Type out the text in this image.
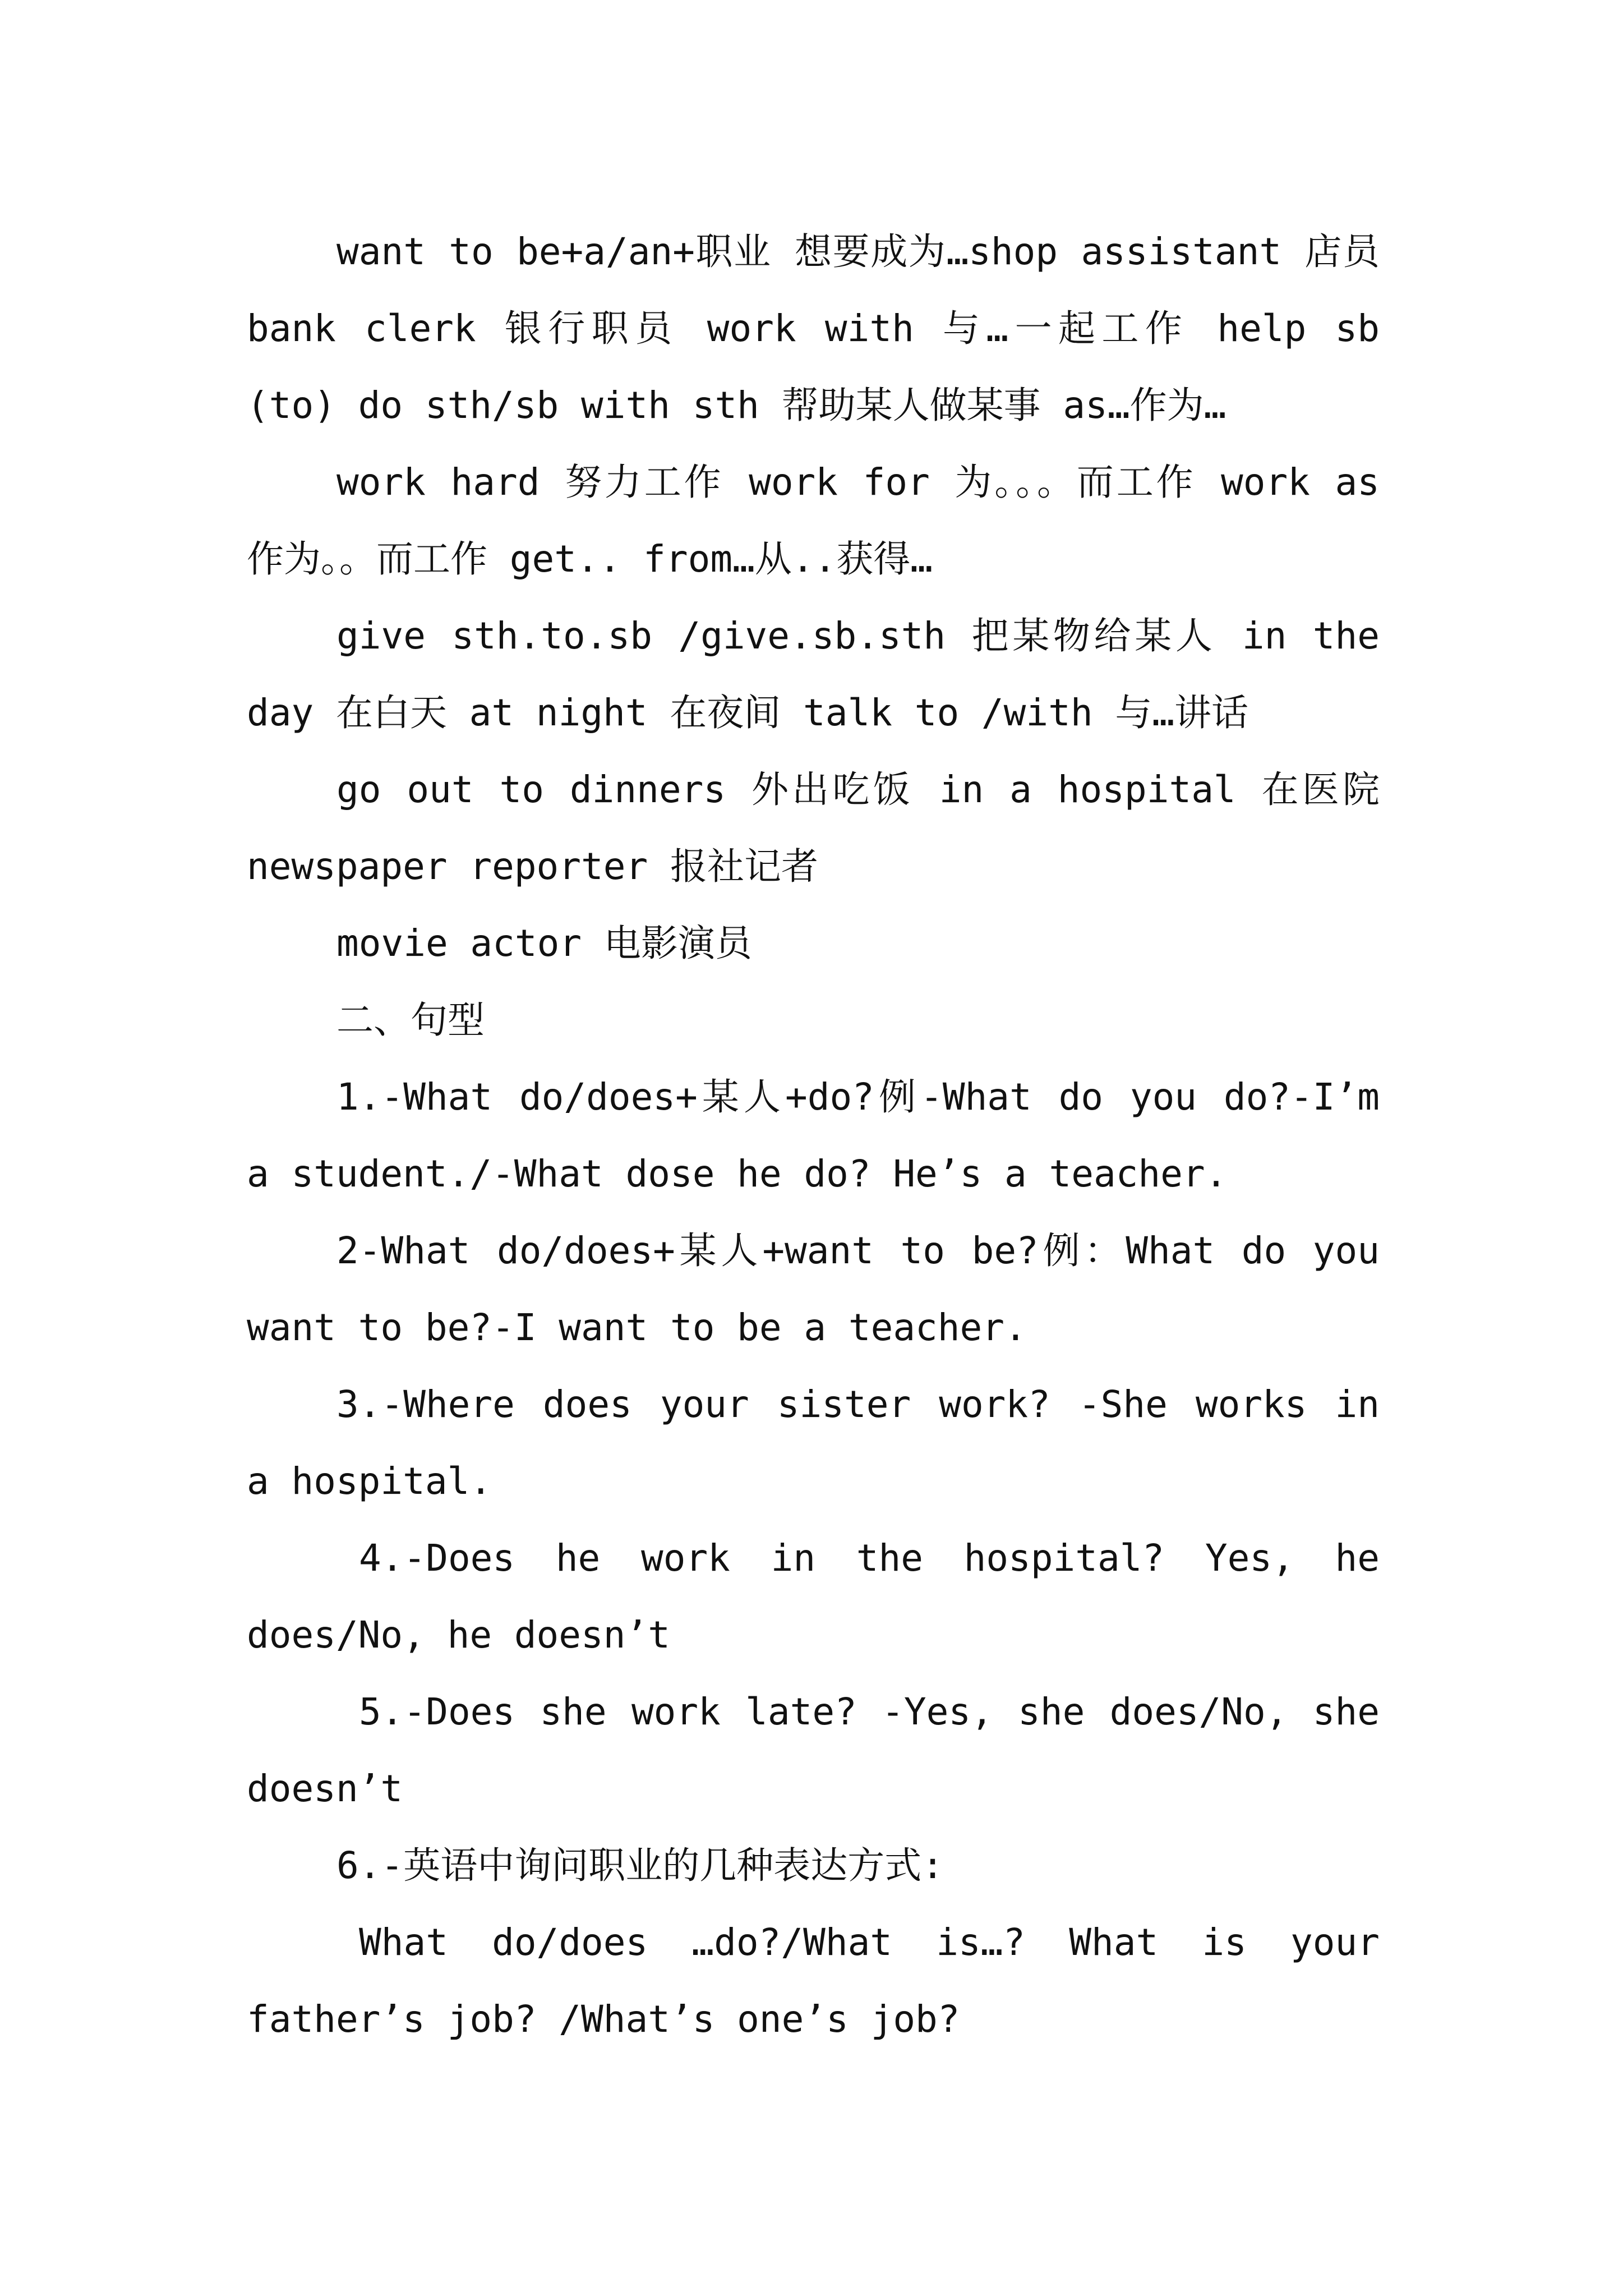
want to be+a/an+职业 想要成为…shop assistant 店员 bank clerk 银行职员 work with 与…一起工作 help sb (to) do sth/sb with sth 帮助某人做某事 as…作为…

work hard 努力工作 work for 为。。。而工作 work as 作为。。而工作 get.. from…从..获得…

give sth.to.sb /give.sb.sth 把某物给某人 in the day 在白天 at night 在夜间 talk to /with 与…讲话

go out to dinners 外出吃饭 in a hospital 在医院 newspaper reporter 报社记者

movie actor 电影演员

二、句型

1.-What do/does+某人+do?例-What do you do?-I’m a student./-What dose he do? He’s a teacher.

2-What do/does+某人+want to be?例：What do you want to be?-I want to be a teacher.

3.-Where does your sister work? -She works in a hospital.

4.-Does he work in the hospital? Yes, he does/No, he doesn’t

5.-Does she work late? -Yes, she does/No, she doesn’t

6.-英语中询问职业的几种表达方式:

What do/does …do?/What is…? What is your father’s job? /What’s one’s job?
